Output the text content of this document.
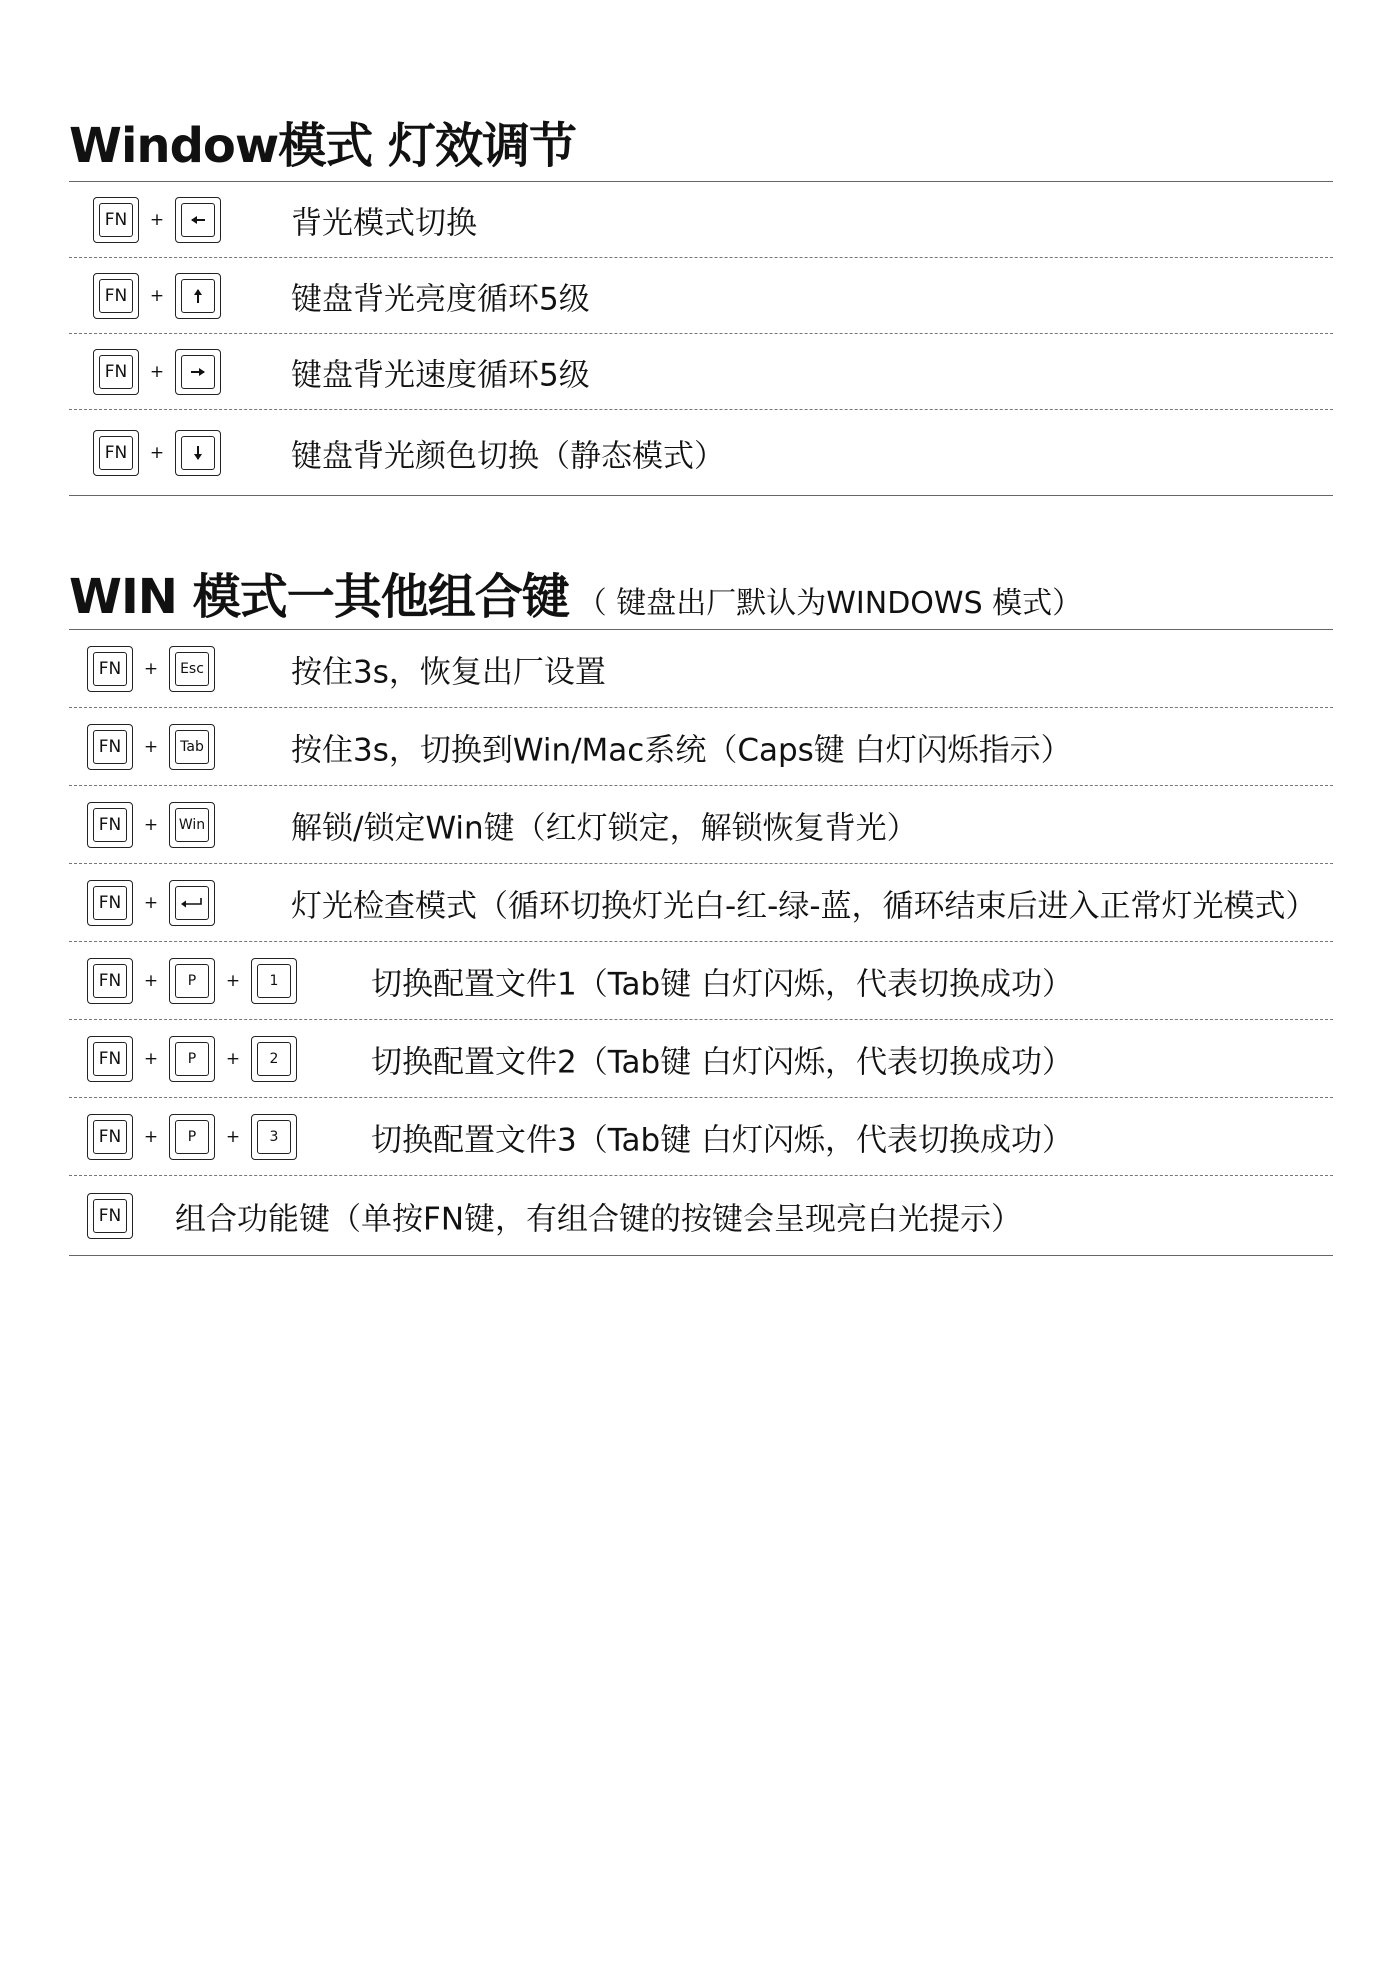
Window模式 灯效调节
FN	+	背光模式切换
FN	+	键盘背光亮度循环5级
FN	+	键盘背光速度循环5级
FN	+	键盘背光颜色切换（静态模式）
WIN 模式一其他组合键 （ 键盘出厂默认为WINDOWS 模式）
FN	+	Esc	按住3s，恢复出厂设置
FN	+	Tab	按住3s，切换到Win/Mac系统（Caps键 白灯闪烁指示）
FN	+	Win	解锁/锁定Win键（红灯锁定，解锁恢复背光）
FN	+	灯光检查模式（循环切换灯光白-红-绿-蓝，循环结束后进入正常灯光模式）
FN	+	P	+	1	切换配置文件1（Tab键 白灯闪烁，代表切换成功）
FN	+	P	+	2	切换配置文件2（Tab键 白灯闪烁，代表切换成功）
FN	+	P	+	3	切换配置文件3（Tab键 白灯闪烁，代表切换成功）
FN 组合功能键（单按FN键，有组合键的按键会呈现亮白光提示）
